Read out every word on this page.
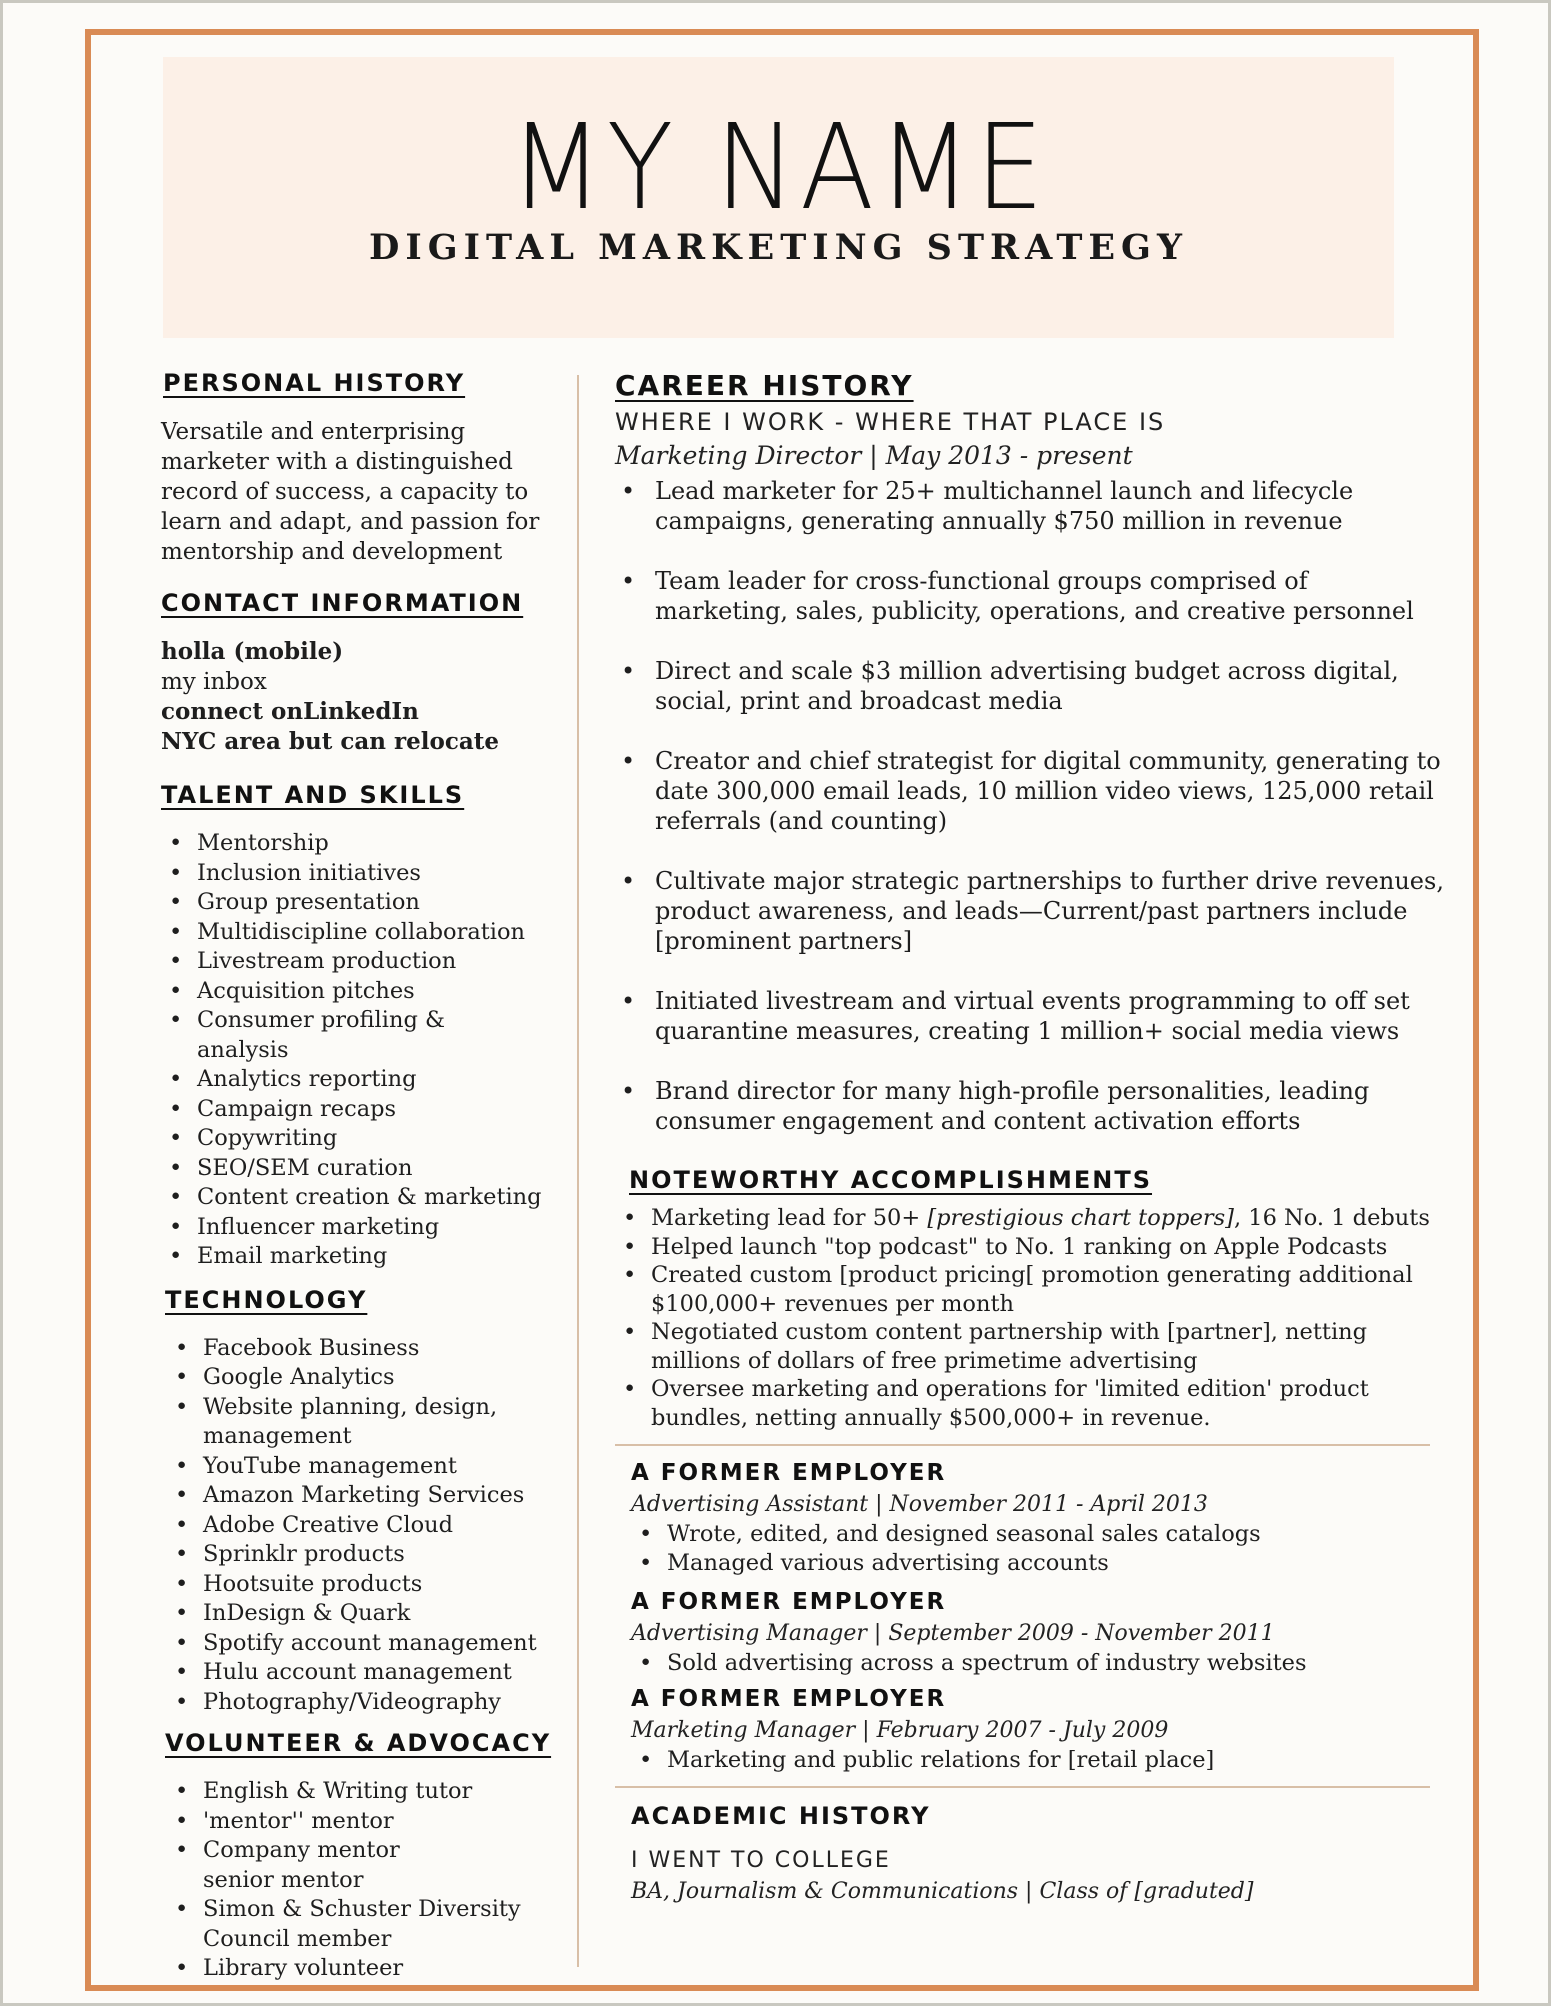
MY NAME
DIGITAL MARKETING STRATEGY
PERSONAL HISTORY
Versatile and enterprising marketer with a distinguished record of success, a capacity to learn and adapt, and passion for mentorship and development
CONTACT INFORMATION
holla (mobile)
my inbox
connect onLinkedIn
NYC area but can relocate
TALENT AND SKILLS
• Mentorship
• Inclusion initiatives
• Group presentation
• Multidiscipline collaboration
• Livestream production
• Acquisition pitches
• Consumer profiling & analysis
• Analytics reporting
• Campaign recaps
• Copywriting
• SEO/SEM curation
• Content creation & marketing
• Influencer marketing
• Email marketing
TECHNOLOGY
• Facebook Business
• Google Analytics
• Website planning, design, management
• YouTube management
• Amazon Marketing Services
• Adobe Creative Cloud
• Sprinklr products
• Hootsuite products
• InDesign & Quark
• Spotify account management
• Hulu account management
• Photography/Videography
VOLUNTEER & ADVOCACY
• English & Writing tutor
• 'mentor'' mentor
• Company mentor senior mentor
• Simon & Schuster Diversity Council member
• Library volunteer
CAREER HISTORY
WHERE I WORK - WHERE THAT PLACE IS
Marketing Director | May 2013 - present
• Lead marketer for 25+ multichannel launch and lifecycle campaigns, generating annually $750 million in revenue
• Team leader for cross-functional groups comprised of marketing, sales, publicity, operations, and creative personnel
• Direct and scale $3 million advertising budget across digital, social, print and broadcast media
• Creator and chief strategist for digital community, generating to date 300,000 email leads, 10 million video views, 125,000 retail referrals (and counting)
• Cultivate major strategic partnerships to further drive revenues, product awareness, and leads—Current/past partners include [prominent partners]
• Initiated livestream and virtual events programming to off set quarantine measures, creating 1 million+ social media views
• Brand director for many high-profile personalities, leading consumer engagement and content activation efforts
NOTEWORTHY ACCOMPLISHMENTS
• Marketing lead for 50+ [prestigious chart toppers], 16 No. 1 debuts
• Helped launch "top podcast" to No. 1 ranking on Apple Podcasts
• Created custom [product pricing[ promotion generating additional $100,000+ revenues per month
• Negotiated custom content partnership with [partner], netting millions of dollars of free primetime advertising
• Oversee marketing and operations for 'limited edition' product bundles, netting annually $500,000+ in revenue.
A FORMER EMPLOYER
Advertising Assistant | November 2011 - April 2013
• Wrote, edited, and designed seasonal sales catalogs
• Managed various advertising accounts
A FORMER EMPLOYER
Advertising Manager | September 2009 - November 2011
• Sold advertising across a spectrum of industry websites
A FORMER EMPLOYER
Marketing Manager | February 2007 - July 2009
• Marketing and public relations for [retail place]
ACADEMIC HISTORY
I WENT TO COLLEGE
BA, Journalism & Communications | Class of [graduted]
